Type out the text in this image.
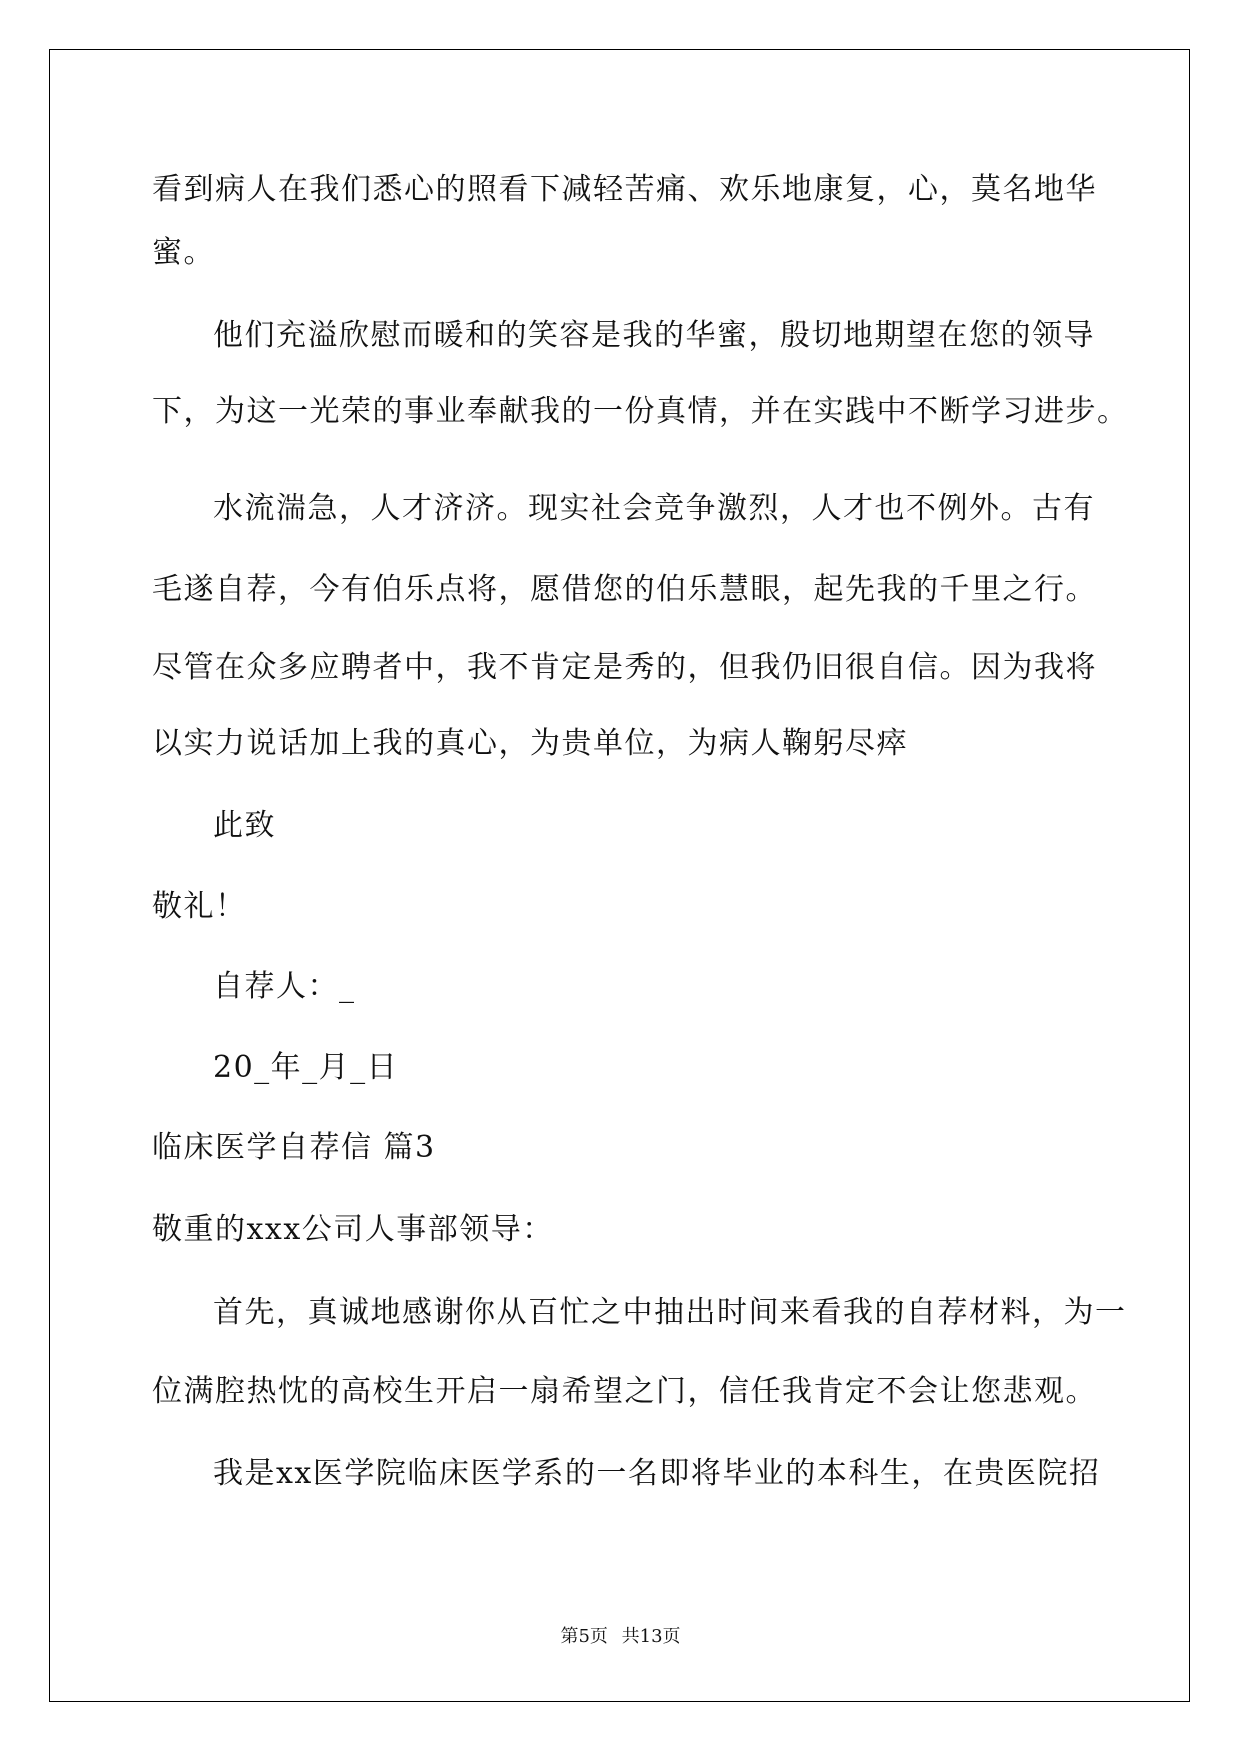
看到病人在我们悉心的照看下减轻苦痛、欢乐地康复，心，莫名地华

蜜。

他们充溢欣慰而暖和的笑容是我的华蜜，殷切地期望在您的领导

下，为这一光荣的事业奉献我的一份真情，并在实践中不断学习进步。

水流湍急，人才济济。现实社会竞争激烈，人才也不例外。古有

毛遂自荐，今有伯乐点将，愿借您的伯乐慧眼，起先我的千里之行。

尽管在众多应聘者中，我不肯定是秀的，但我仍旧很自信。因为我将

以实力说话加上我的真心，为贵单位，为病人鞠躬尽瘁

此致

敬礼！

自荐人：_

20_年_月_日

临床医学自荐信 篇3

敬重的xxx公司人事部领导：

首先，真诚地感谢你从百忙之中抽出时间来看我的自荐材料，为一

位满腔热忱的高校生开启一扇希望之门，信任我肯定不会让您悲观。

我是xx医学院临床医学系的一名即将毕业的本科生，在贵医院招

第5页 共13页
